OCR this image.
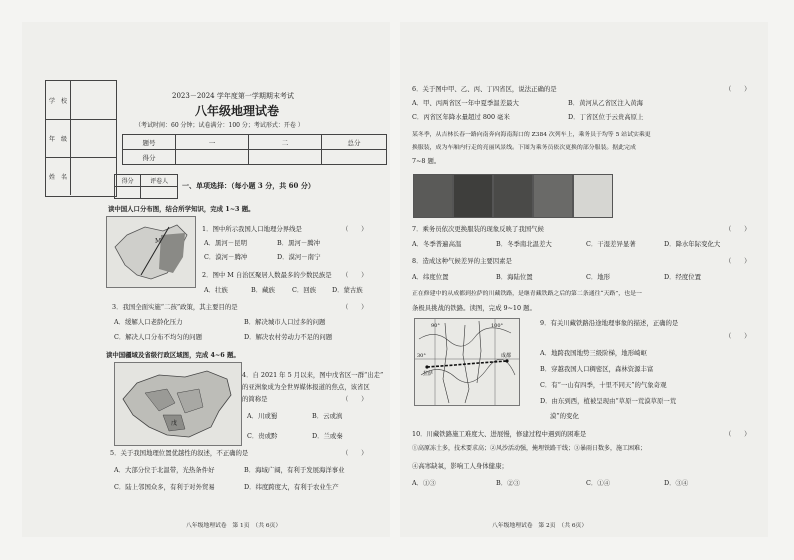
学　校
年　级
姓　名
2023－2024 学年度第一学期期末考试
八年级地理试卷
（考试时间：60 分钟；试卷满分：100 分；考试形式：开卷 ）
题号	一	二	总分
得分			
得分	评卷人
	一、单项选择：（每小题 3 分，共 60 分）
读中国人口分布图，结合所学知识，完成 1~3 题。
M
1．图中所示我国人口地理分界线是	（　　）
A．黑河－昆明	B．黑河－腾冲
C．漠河－腾冲	D．漠河－南宁
2．图中 M 自治区聚居人数最多的少数民族是 （　　）
A．壮族	B．藏族	C．回族 D．蒙古族
3．我国全面实施“二孩”政策，其主要目的是	（　　）
A．缓解人口老龄化压力	B．解决城市人口过多的问题
C．解决人口分布不均匀的问题	D．解决农村劳动力不足的问题
读中国疆域及省级行政区域图，完成 4~6 题。
戊
4．自 2021 年 5 月以来，图中戊省区一群“出走”
的亚洲象成为全世界媒体报道的焦点，该省区
的简称是	（　　）
A．川或蜀	B．云或滇
C．贵或黔	D．兰或秦
5．关于我国地理位置优越性的叙述，不正确的是	（　　）
A．大部分位于北温带，光热条件好	B．海域广阔，有利于发展海洋事业
C．陆上邻国众多，有利于对外贸易	D．纬度跨度大，有利于农业生产
八年级地理试卷　第 1页　（共 6页）
6．关于图中甲、乙、丙、丁四省区，说法正确的是	（　　）
A．甲、丙两省区一年中夏季温差最大	B．黄河从乙省区注入黄海
C．丙省区年降水量超过 800 毫米	D．丁省区位于云贵高原上
某冬季，从吉林长春一路向南奔向海南海口的 Z384 次列车上，乘务员于均等 5 站试实乘更
换服装，成为车厢内行走的亮丽风景线。下图为乘务员依次更换的部分服装。据此完成
7~8 题。
7．乘务员依次更换服装的现象反映了我国气候	（　　）
A．冬季普遍高温	B．冬季南北温差大	C．干湿差异显著	D．降水年际变化大
8．造成这种气候差异的主要因素是	（　　）
A．纬度位置	B．海陆位置	C．地形	D．经度位置
正在修建中的从成都到拉萨的川藏铁路，是继青藏铁路之后的第二条通往“天路”，也是一
条极具挑战的铁路。读图，完成 9~10 题。
拉萨
成都
90°	100°
30°
9．有关川藏铁路沿途地理事象的描述，正确的是
（　　）
A．地跨我国地势三级阶梯，地形崎岖
B．穿越我国人口稠密区，森林资源丰富
C．有“一山有四季，十里不同天”的气象奇观
D．由东到西，植被呈现由“草原一荒漠草原一荒
漠”的变化
10．川藏铁路施工难度大、进展慢，修建过程中遇到的困难是	（　　）
①高原冻土多，技术要求高；②风沙活动强，掩埋铁路干线；③暴雨日数多，施工困难；
④高寒缺氧，影响工人身体健康；
A．①③	B．②③	C．①④	D．③④
八年级地理试卷　第 2页　（共 6页）
